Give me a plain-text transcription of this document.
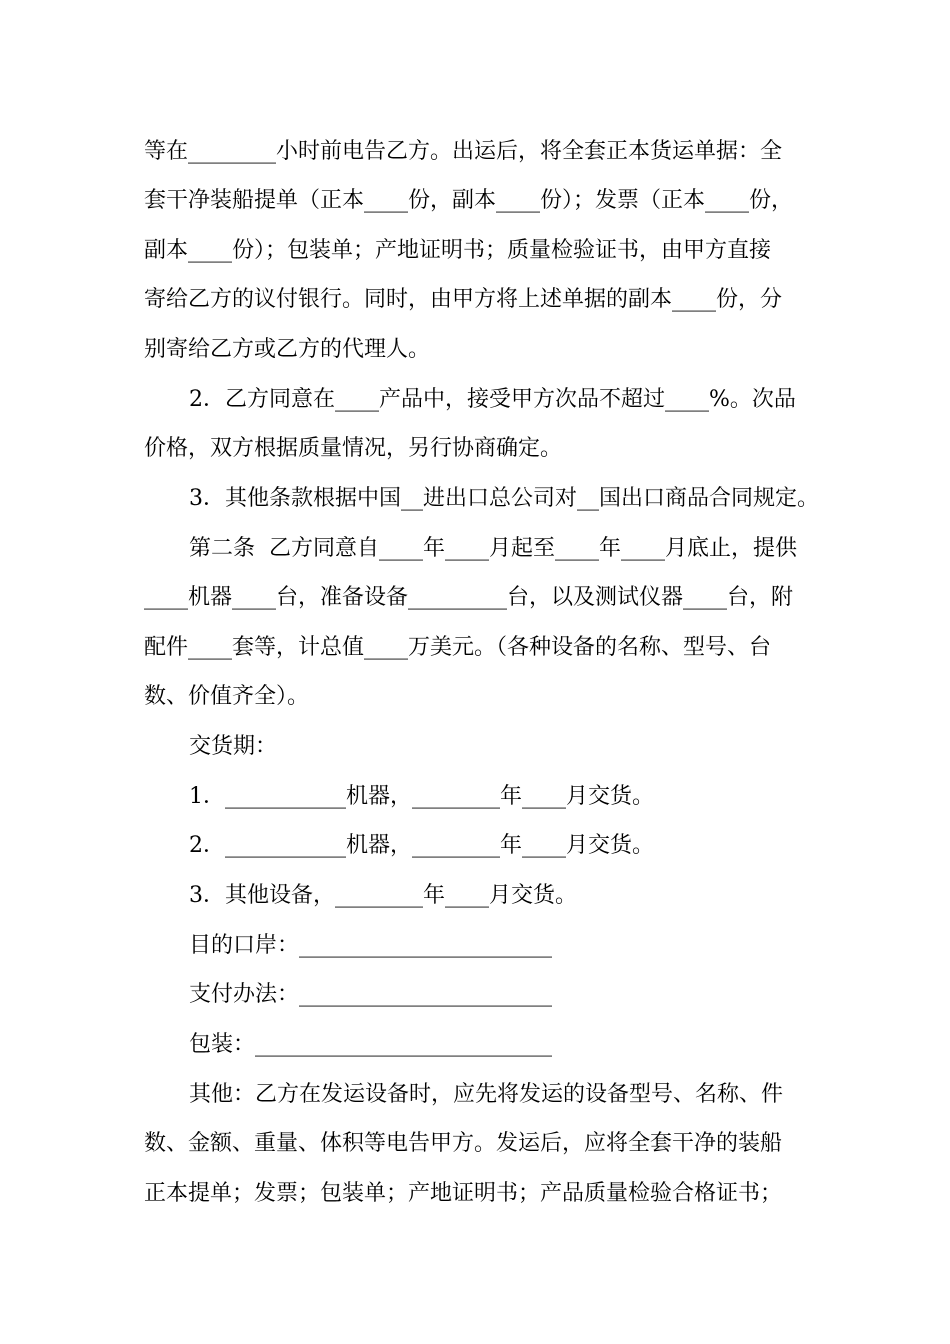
等在________小时前电告乙方。出运后，将全套正本货运单据：全
套干净装船提单（正本____份，副本____份）；发票（正本____份，
副本____份）；包装单；产地证明书；质量检验证书，由甲方直接
寄给乙方的议付银行。同时，由甲方将上述单据的副本____份，分
别寄给乙方或乙方的代理人。
2．乙方同意在____产品中，接受甲方次品不超过____%。次品
价格，双方根据质量情况，另行协商确定。
3．其他条款根据中国__进出口总公司对__国出口商品合同规定。
第二条  乙方同意自____年____月起至____年____月底止，提供
____机器____台，准备设备_________台，以及测试仪器____台，附
配件____套等，计总值____万美元。（各种设备的名称、型号、台
数、价值齐全）。
交货期：
1．___________机器，________年____月交货。
2．___________机器，________年____月交货。
3．其他设备，________年____月交货。
目的口岸：_______________________
支付办法：_______________________
包装：___________________________
其他：乙方在发运设备时，应先将发运的设备型号、名称、件
数、金额、重量、体积等电告甲方。发运后，应将全套干净的装船
正本提单；发票；包装单；产地证明书；产品质量检验合格证书；
